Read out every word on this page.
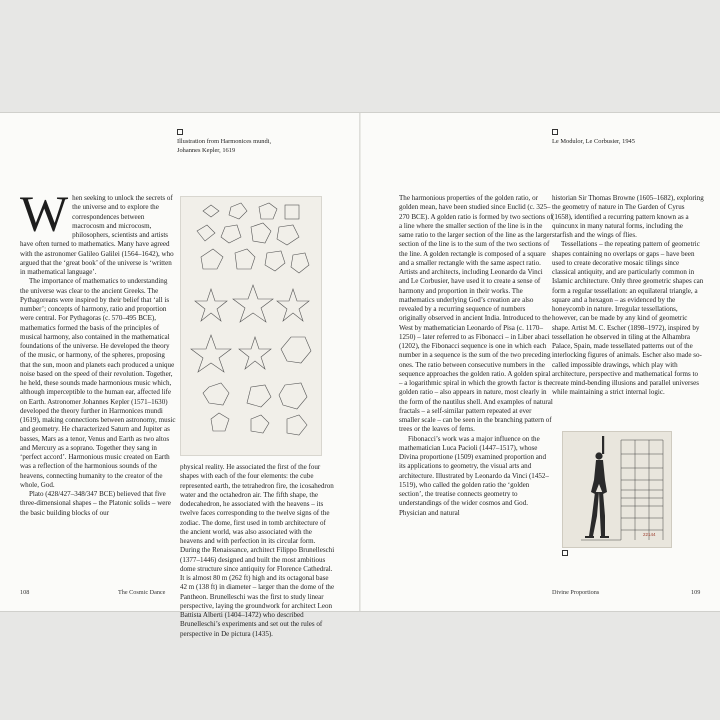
Illustration from Harmonices mundi,
Johannes Kepler, 1619

When seeking to unlock the secrets of the universe and to explore the correspondences between macrocosm and microcosm, philosophers, scientists and artists have often turned to mathematics. Many have agreed with the astronomer Galileo Galilei (1564–1642), who argued that the ‘great book’ of the universe is ‘written in mathematical language’.

The importance of mathematics to understanding the universe was clear to the ancient Greeks. The Pythagoreans were inspired by their belief that ‘all is number’; concepts of harmony, ratio and proportion were central. For Pythagoras (c. 570–495 BCE), mathematics formed the basis of the principles of musical harmony, also contained in the mathematical foundations of the universe. He developed the theory of the music, or harmony, of the spheres, proposing that the sun, moon and planets each produced a unique noise based on the speed of their revolution. Together, he held, these sounds made harmonious music which, although imperceptible to the human ear, affected life on Earth. Astronomer Johannes Kepler (1571–1630) developed the theory further in Harmonices mundi (1619), making connections between astronomy, music and geometry. He characterized Saturn and Jupiter as basses, Mars as a tenor, Venus and Earth as two altos and Mercury as a soprano. Together they sang in ‘perfect accord’. Harmonious music created on Earth was a reflection of the harmonious sounds of the heavens, connecting humanity to the creator of the whole, God.

Plato (428/427–348/347 BCE) believed that five three-dimensional shapes – the Platonic solids – were the basic building blocks of our

physical reality. He associated the first of the four shapes with each of the four elements: the cube represented earth, the tetrahedron fire, the icosahedron water and the octahedron air. The fifth shape, the dodecahedron, he associated with the heavens – its twelve faces corresponding to the twelve signs of the zodiac. The dome, first used in tomb architecture of the ancient world, was also associated with the heavens and with perfection in its circular form. During the Renaissance, architect Filippo Brunelleschi (1377–1446) designed and built the most ambitious dome structure since antiquity for Florence Cathedral. It is almost 80 m (262 ft) high and its octagonal base 42 m (138 ft) in diameter – larger than the dome of the Pantheon. Brunelleschi was the first to study linear perspective, laying the groundwork for architect Leon Battista Alberti (1404–1472) who described Brunelleschi’s experiments and set out the rules of perspective in De pictura (1435).

108	The Cosmic Dance
Le Modulor, Le Corbusier, 1945

The harmonious properties of the golden ratio, or golden mean, have been studied since Euclid (c. 325–270 BCE). A golden ratio is formed by two sections of a line where the smaller section of the line is in the same ratio to the larger section of the line as the larger section of the line is to the sum of the two sections of the line. A golden rectangle is composed of a square and a smaller rectangle with the same aspect ratio. Artists and architects, including Leonardo da Vinci and Le Corbusier, have used it to create a sense of harmony and proportion in their works. The mathematics underlying God’s creation are also revealed by a recurring sequence of numbers originally observed in ancient India. Introduced to the West by mathematician Leonardo of Pisa (c. 1170–1250) – later referred to as Fibonacci – in Liber abaci (1202), the Fibonacci sequence is one in which each number in a sequence is the sum of the two preceding ones. The ratio between consecutive numbers in the sequence approaches the golden ratio. A golden spiral – a logarithmic spiral in which the growth factor is the golden ratio – also appears in nature, most clearly in the form of the nautilus shell. And examples of natural fractals – a self-similar pattern repeated at ever smaller scale – can be seen in the branching pattern of trees or the leaves of ferns.

Fibonacci’s work was a major influence on the mathematician Luca Pacioli (1447–1517), whose Divina proportione (1509) examined proportion and its applications to geometry, the visual arts and architecture. Illustrated by Leonardo da Vinci (1452–1519), who called the golden ratio the ‘golden section’, the treatise connects geometry to understandings of the wider cosmos and God. Physician and natural

historian Sir Thomas Browne (1605–1682), exploring the geometry of nature in The Garden of Cyrus (1658), identified a recurring pattern known as a quincunx in many natural forms, including the starfish and the wings of flies.

Tessellations – the repeating pattern of geometric shapes containing no overlaps or gaps – have been used to create decorative mosaic tilings since classical antiquity, and are particularly common in Islamic architecture. Only three geometric shapes can form a regular tessellation: an equilateral triangle, a square and a hexagon – as evidenced by the honeycomb in nature. Irregular tessellations, however, can be made by any kind of geometric shape. Artist M. C. Escher (1898–1972), inspired by tessellation he observed in tiling at the Alhambra Palace, Spain, made tessellated patterns out of the interlocking figures of animals. Escher also made so-called impossible drawings, which play with architecture, perspective and mathematical forms to create mind-bending illusions and parallel universes while maintaining a strict internal logic.

22144
Divine Proportions	109
